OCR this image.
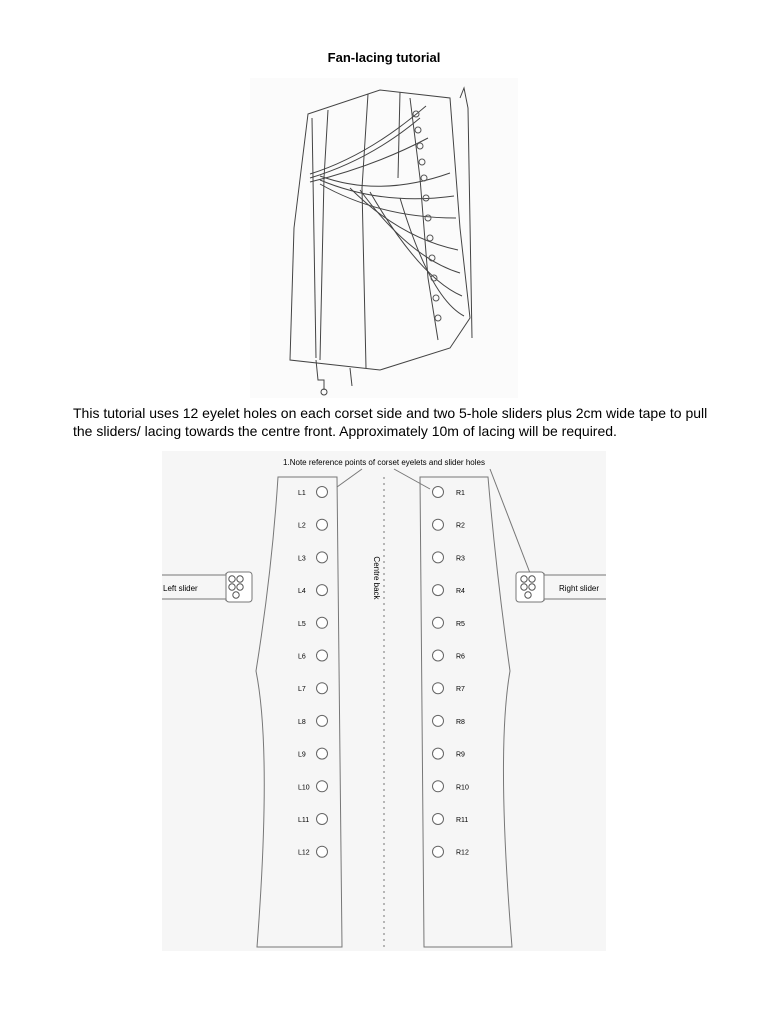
Fan-lacing tutorial

This tutorial uses 12 eyelet holes on each corset side and two 5-hole sliders plus 2cm wide tape to pull the sliders/ lacing towards the centre front. Approximately 10m of lacing will be required.

1.Note reference points of corset eyelets and slider holes
Centre back
Left slider	Right slider
L1
L2
L3
L4
L5
L6
L7
L8
L9
L10
L11
L12
R1
R2
R3
R4
R5
R6
R7
R8
R9
R10
R11
R12
